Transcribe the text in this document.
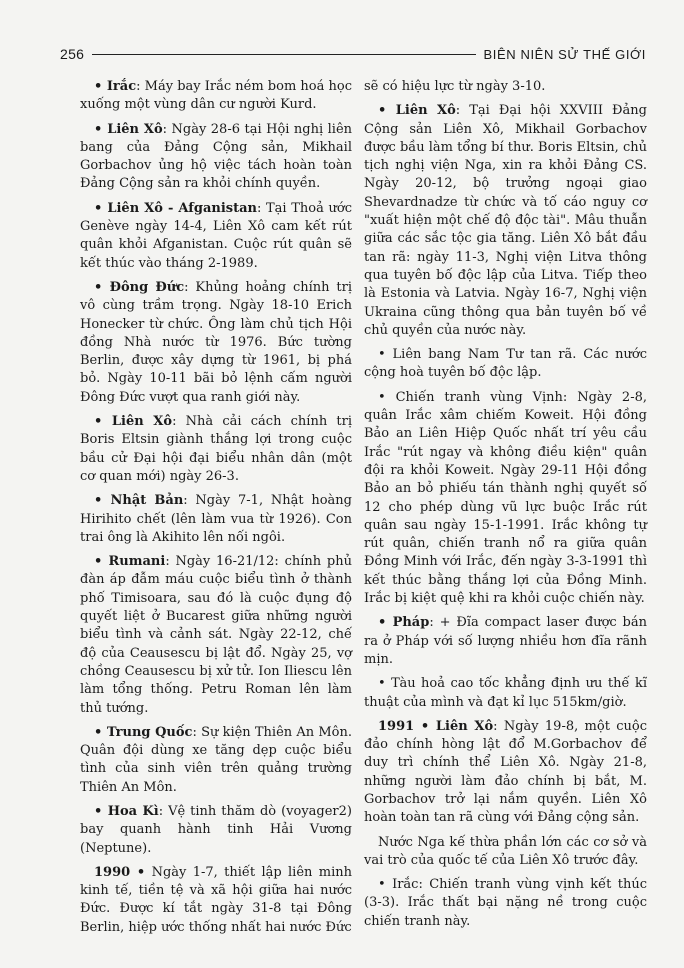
256	BIÊN NIÊN SỬ THẾ GIỚI

• Irắc: Máy bay Irắc ném bom hoá học xuống một vùng dân cư người Kurd.

• Liên Xô: Ngày 28-6 tại Hội nghị liên bang của Đảng Cộng sản, Mikhail Gorbachov ủng hộ việc tách hoàn toàn Đảng Cộng sản ra khỏi chính quyền.

• Liên Xô - Afganistan: Tại Thoả ước Genève ngày 14-4, Liên Xô cam kết rút quân khỏi Afganistan. Cuộc rút quân sẽ kết thúc vào tháng 2-1989.

• Đông Đức: Khủng hoảng chính trị vô cùng trầm trọng. Ngày 18-10 Erich Honecker từ chức. Ông làm chủ tịch Hội đồng Nhà nước từ 1976. Bức tường Berlin, được xây dựng từ 1961, bị phá bỏ. Ngày 10-11 bãi bỏ lệnh cấm người Đông Đức vượt qua ranh giới này.

• Liên Xô: Nhà cải cách chính trị Boris Eltsin giành thắng lợi trong cuộc bầu cử Đại hội đại biểu nhân dân (một cơ quan mới) ngày 26-3.

• Nhật Bản: Ngày 7-1, Nhật hoàng Hirihito chết (lên làm vua từ 1926). Con trai ông là Akihito lên nối ngôi.

• Rumani: Ngày 16-21/12: chính phủ đàn áp đẫm máu cuộc biểu tình ở thành phố Timisoara, sau đó là cuộc đụng độ quyết liệt ở Bucarest giữa những người biểu tình và cảnh sát. Ngày 22-12, chế độ của Ceausescu bị lật đổ. Ngày 25, vợ chồng Ceausescu bị xử tử. Ion Iliescu lên làm tổng thống. Petru Roman lên làm thủ tướng.

• Trung Quốc: Sự kiện Thiên An Môn. Quân đội dùng xe tăng dẹp cuộc biểu tình của sinh viên trên quảng trường Thiên An Môn.

• Hoa Kì: Vệ tinh thăm dò (voyager2) bay quanh hành tinh Hải Vương (Neptune).

1990 • Ngày 1-7, thiết lập liên minh kinh tế, tiền tệ và xã hội giữa hai nước Đức. Được kí tắt ngày 31-8 tại Đông Berlin, hiệp ước thống nhất hai nước Đức

sẽ có hiệu lực từ ngày 3-10.

• Liên Xô: Tại Đại hội XXVIII Đảng Cộng sản Liên Xô, Mikhail Gorbachov được bầu làm tổng bí thư. Boris Eltsin, chủ tịch nghị viện Nga, xin ra khỏi Đảng CS. Ngày 20-12, bộ trưởng ngoại giao Shevardnadze từ chức và tố cáo nguy cơ "xuất hiện một chế độ độc tài". Mâu thuẫn giữa các sắc tộc gia tăng. Liên Xô bắt đầu tan rã: ngày 11-3, Nghị viện Litva thông qua tuyên bố độc lập của Litva. Tiếp theo là Estonia và Latvia. Ngày 16-7, Nghị viện Ukraina cũng thông qua bản tuyên bố về chủ quyền của nước này.

• Liên bang Nam Tư tan rã. Các nước cộng hoà tuyên bố độc lập.

• Chiến tranh vùng Vịnh: Ngày 2-8, quân Irắc xâm chiếm Koweit. Hội đồng Bảo an Liên Hiệp Quốc nhất trí yêu cầu Irắc "rút ngay và không điều kiện" quân đội ra khỏi Koweit. Ngày 29-11 Hội đồng Bảo an bỏ phiếu tán thành nghị quyết số 12 cho phép dùng vũ lực buộc Irắc rút quân sau ngày 15-1-1991. Irắc không tự rút quân, chiến tranh nổ ra giữa quân Đồng Minh với Irắc, đến ngày 3-3-1991 thì kết thúc bằng thắng lợi của Đồng Minh. Irắc bị kiệt quệ khi ra khỏi cuộc chiến này.

• Pháp: + Đĩa compact laser được bán ra ở Pháp với số lượng nhiều hơn đĩa rãnh mịn.

• Tàu hoả cao tốc khẳng định ưu thế kĩ thuật của mình và đạt kỉ lục 515km/giờ.

1991 • Liên Xô: Ngày 19-8, một cuộc đảo chính hòng lật đổ M.Gorbachov để duy trì chính thể Liên Xô. Ngày 21-8, những người làm đảo chính bị bắt, M. Gorbachov trở lại nắm quyền. Liên Xô hoàn toàn tan rã cùng với Đảng cộng sản.

Nước Nga kế thừa phần lớn các cơ sở và vai trò của quốc tế của Liên Xô trước đây.

• Irắc: Chiến tranh vùng vịnh kết thúc (3-3). Irắc thất bại nặng nề trong cuộc chiến tranh này.
